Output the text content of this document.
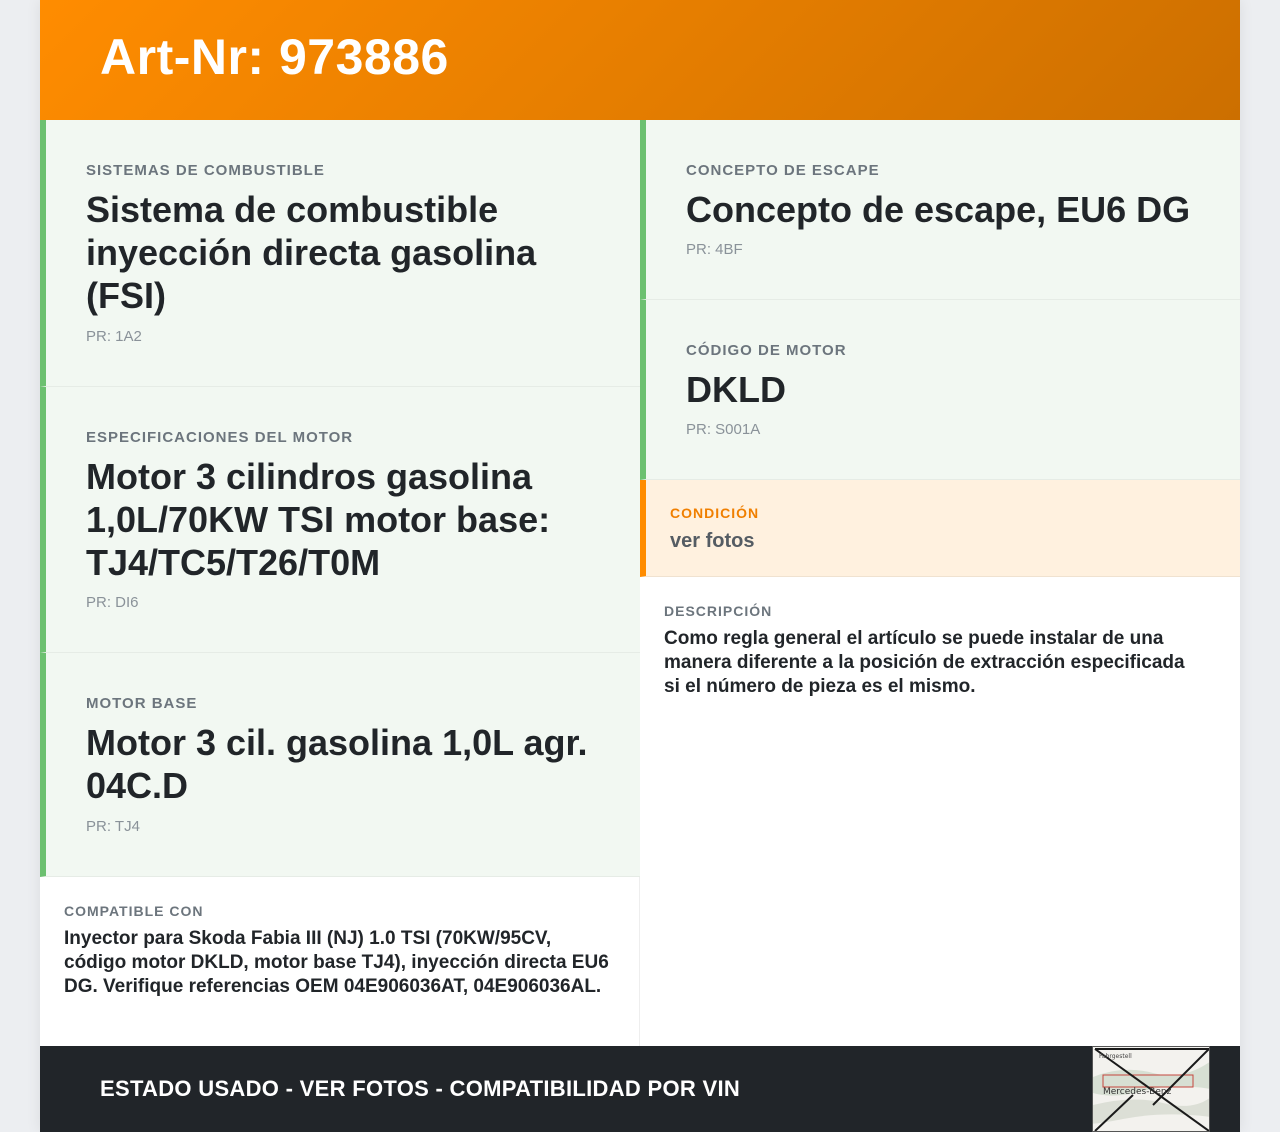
Art-Nr: 973886
SISTEMAS DE COMBUSTIBLE
Sistema de combustible inyección directa gasolina (FSI)
PR: 1A2
ESPECIFICACIONES DEL MOTOR
Motor 3 cilindros gasolina 1,0L/70KW TSI motor base: TJ4/TC5/T26/T0M
PR: DI6
MOTOR BASE
Motor 3 cil. gasolina 1,0L agr. 04C.D
PR: TJ4
COMPATIBLE CON
Inyector para Skoda Fabia III (NJ) 1.0 TSI (70KW/95CV, código motor DKLD, motor base TJ4), inyección directa EU6 DG. Verifique referencias OEM 04E906036AT, 04E906036AL.
CONCEPTO DE ESCAPE
Concepto de escape, EU6 DG
PR: 4BF
CÓDIGO DE MOTOR
DKLD
PR: S001A
CONDICIÓN
ver fotos
DESCRIPCIÓN
Como regla general el artículo se puede instalar de una manera diferente a la posición de extracción especificada si el número de pieza es el mismo.
ESTADO USADO - VER FOTOS - COMPATIBILIDAD POR VIN
Fahrgestell
Mercedes-Benz
